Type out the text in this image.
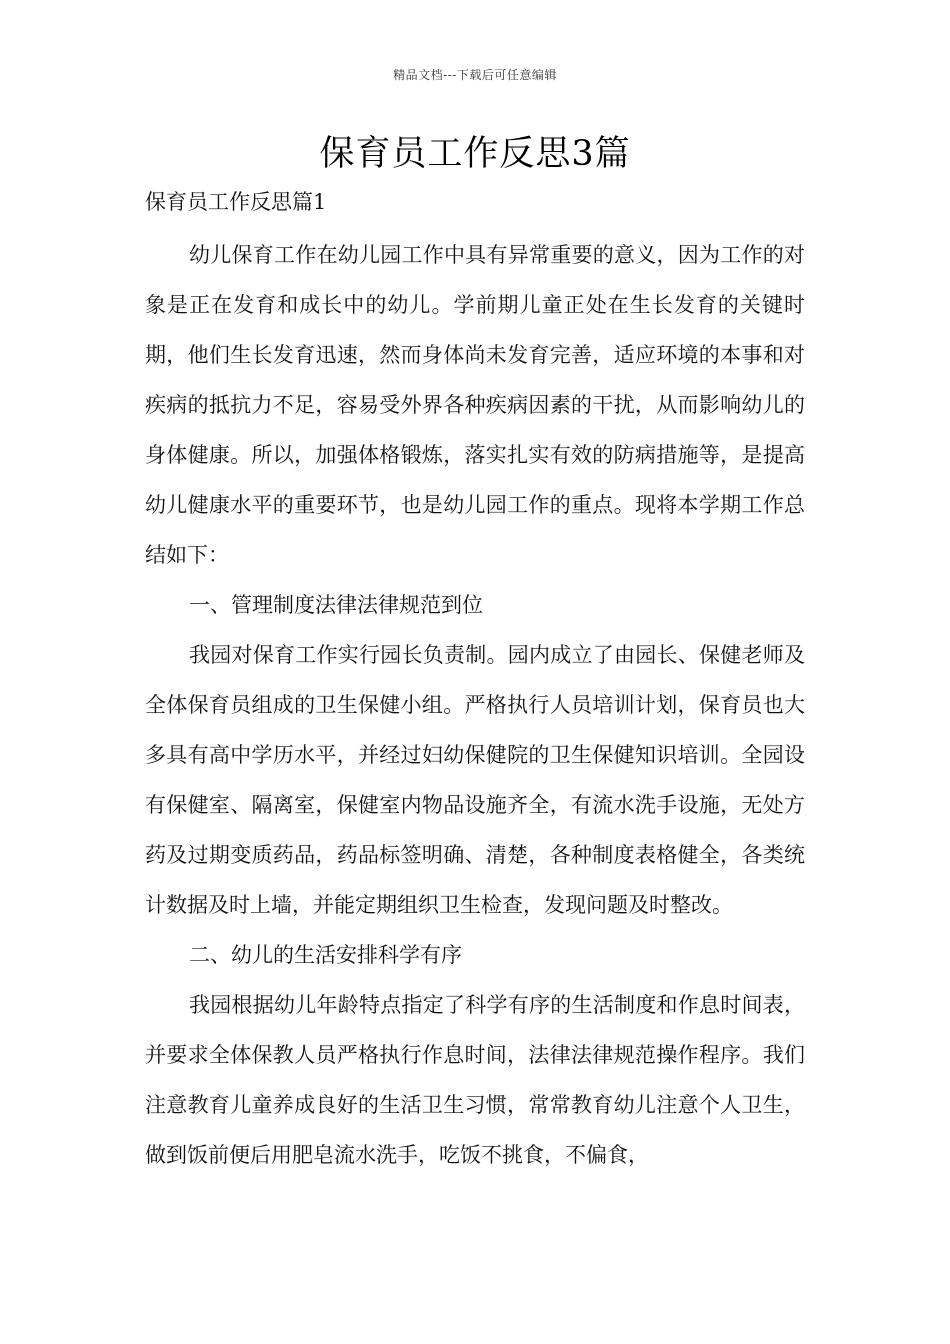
精品文档---下载后可任意编辑
保育员工作反思3篇
保育员工作反思篇1

幼儿保育工作在幼儿园工作中具有异常重要的意义，因为工作的对象是正在发育和成长中的幼儿。学前期儿童正处在生长发育的关键时期，他们生长发育迅速，然而身体尚未发育完善，适应环境的本事和对疾病的抵抗力不足，容易受外界各种疾病因素的干扰，从而影响幼儿的身体健康。所以，加强体格锻炼，落实扎实有效的防病措施等，是提高幼儿健康水平的重要环节，也是幼儿园工作的重点。现将本学期工作总结如下：

一、管理制度法律法律规范到位

我园对保育工作实行园长负责制。园内成立了由园长、保健老师及全体保育员组成的卫生保健小组。严格执行人员培训计划，保育员也大多具有高中学历水平，并经过妇幼保健院的卫生保健知识培训。全园设有保健室、隔离室，保健室内物品设施齐全，有流水洗手设施，无处方药及过期变质药品，药品标签明确、清楚，各种制度表格健全，各类统计数据及时上墙，并能定期组织卫生检查，发现问题及时整改。

二、幼儿的生活安排科学有序

我园根据幼儿年龄特点指定了科学有序的生活制度和作息时间表，并要求全体保教人员严格执行作息时间，法律法律规范操作程序。我们注意教育儿童养成良好的生活卫生习惯，常常教育幼儿注意个人卫生，做到饭前便后用肥皂流水洗手，吃饭不挑食，不偏食，
